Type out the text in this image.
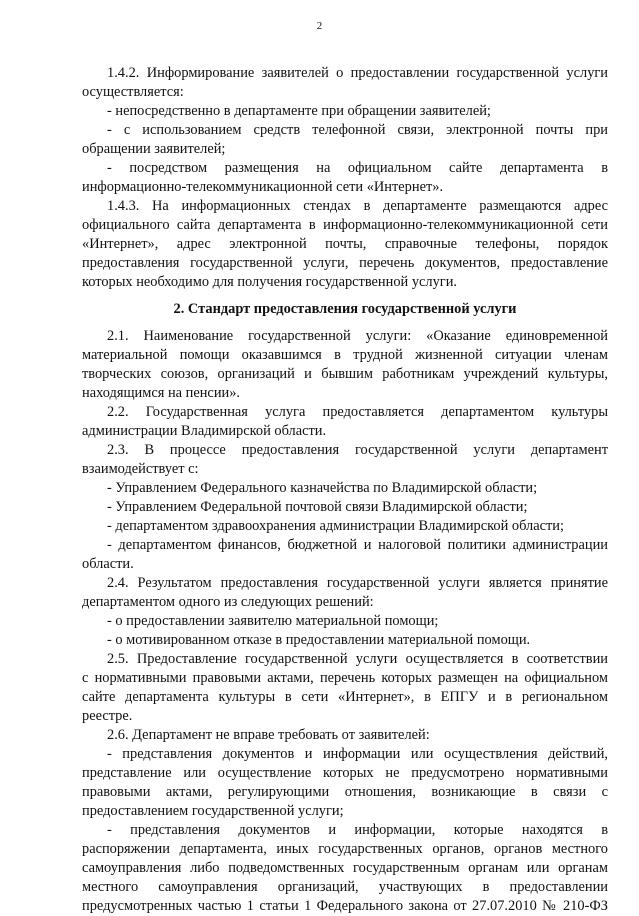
2

1.4.2. Информирование заявителей о предоставлении государственной услуги

осуществляется:

- непосредственно в департаменте при обращении заявителей;

- с использованием средств телефонной связи, электронной почты при

обращении заявителей;

- посредством размещения на официальном сайте департамента в

информационно-телекоммуникационной сети «Интернет».

1.4.3. На информационных стендах в департаменте размещаются адрес

официального сайта департамента в информационно-телекоммуникационной сети

«Интернет», адрес электронной почты, справочные телефоны, порядок

предоставления государственной услуги, перечень документов, предоставление

которых необходимо для получения государственной услуги.

2. Стандарт предоставления государственной услуги

2.1. Наименование государственной услуги: «Оказание единовременной

материальной помощи оказавшимся в трудной жизненной ситуации членам

творческих союзов, организаций и бывшим работникам учреждений культуры,

находящимся на пенсии».

2.2. Государственная услуга предоставляется департаментом культуры

администрации Владимирской области.

2.3. В процессе предоставления государственной услуги департамент

взаимодействует с:

- Управлением Федерального казначейства по Владимирской области;

- Управлением Федеральной почтовой связи Владимирской области;

- департаментом здравоохранения администрации Владимирской области;

- департаментом финансов, бюджетной и налоговой политики администрации

области.

2.4. Результатом предоставления государственной услуги является принятие

департаментом одного из следующих решений:

- о предоставлении заявителю материальной помощи;

- о мотивированном отказе в предоставлении материальной помощи.

2.5. Предоставление государственной услуги осуществляется в соответствии

с нормативными правовыми актами, перечень которых размещен на официальном

сайте департамента культуры в сети «Интернет», в ЕПГУ и в региональном

реестре.

2.6. Департамент не вправе требовать от заявителей:

- представления документов и информации или осуществления действий,

представление или осуществление которых не предусмотрено нормативными

правовыми актами, регулирующими отношения, возникающие в связи с

предоставлением государственной услуги;

- представления документов и информации, которые находятся в

распоряжении департамента, иных государственных органов, органов местного

самоуправления либо подведомственных государственным органам или органам

местного самоуправления организаций, участвующих в предоставлении

предусмотренных частью 1 статьи 1 Федерального закона от 27.07.2010 № 210-ФЗ
